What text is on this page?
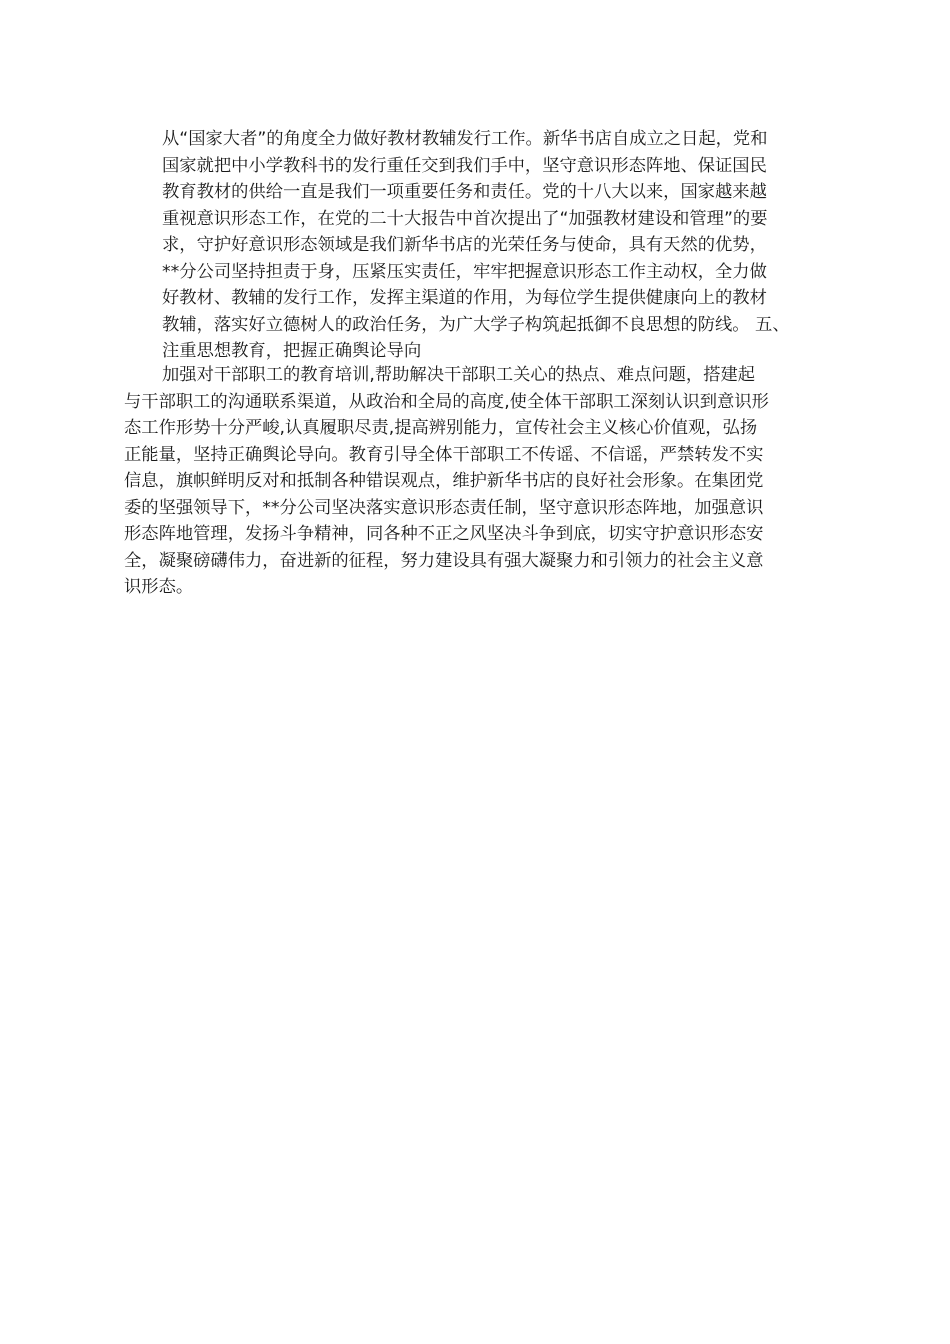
从“国家大者”的角度全力做好教材教辅发行工作。新华书店自成立之日起，党和
国家就把中小学教科书的发行重任交到我们手中，坚守意识形态阵地、保证国民
教育教材的供给一直是我们一项重要任务和责任。党的十八大以来，国家越来越
重视意识形态工作，在党的二十大报告中首次提出了“加强教材建设和管理”的要
求，守护好意识形态领域是我们新华书店的光荣任务与使命，具有天然的优势，
**分公司坚持担责于身，压紧压实责任，牢牢把握意识形态工作主动权，全力做
好教材、教辅的发行工作，发挥主渠道的作用，为每位学生提供健康向上的教材
教辅，落实好立德树人的政治任务，为广大学子构筑起抵御不良思想的防线。 五、
注重思想教育，把握正确舆论导向
加强对干部职工的教育培训,帮助解决干部职工关心的热点、难点问题，搭建起
与干部职工的沟通联系渠道，从政治和全局的高度,使全体干部职工深刻认识到意识形
态工作形势十分严峻,认真履职尽责,提高辨别能力，宣传社会主义核心价值观，弘扬
正能量，坚持正确舆论导向。教育引导全体干部职工不传谣、不信谣，严禁转发不实
信息，旗帜鲜明反对和抵制各种错误观点，维护新华书店的良好社会形象。在集团党
委的坚强领导下，**分公司坚决落实意识形态责任制，坚守意识形态阵地，加强意识
形态阵地管理，发扬斗争精神，同各种不正之风坚决斗争到底，切实守护意识形态安
全，凝聚磅礴伟力，奋进新的征程，努力建设具有强大凝聚力和引领力的社会主义意
识形态。
